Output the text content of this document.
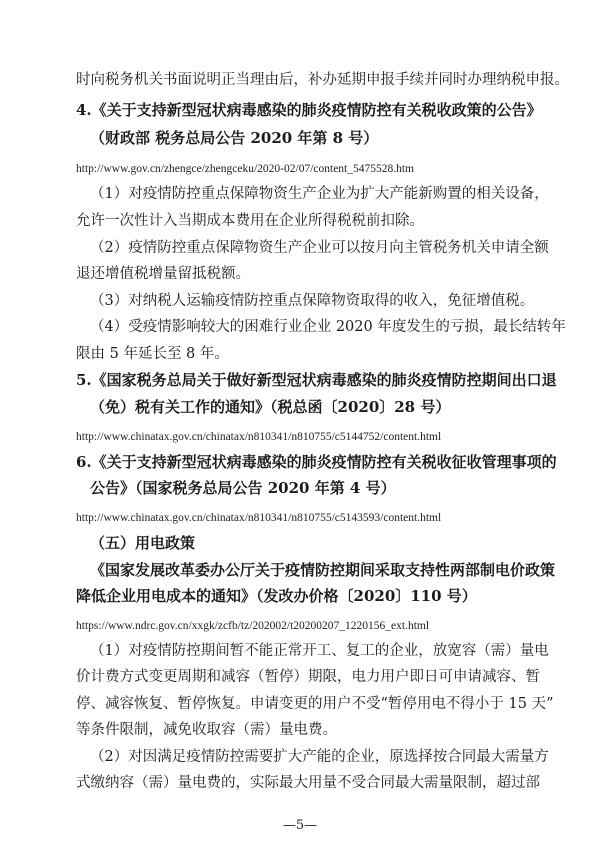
时向税务机关书面说明正当理由后，补办延期申报手续并同时办理纳税申报。
4.《关于支持新型冠状病毒感染的肺炎疫情防控有关税收政策的公告》
（财政部 税务总局公告 2020 年第 8 号）
http://www.gov.cn/zhengce/zhengceku/2020-02/07/content_5475528.htm
（1）对疫情防控重点保障物资生产企业为扩大产能新购置的相关设备，
允许一次性计入当期成本费用在企业所得税税前扣除。
（2）疫情防控重点保障物资生产企业可以按月向主管税务机关申请全额
退还增值税增量留抵税额。
（3）对纳税人运输疫情防控重点保障物资取得的收入，免征增值税。
（4）受疫情影响较大的困难行业企业 2020 年度发生的亏损，最长结转年
限由 5 年延长至 8 年。
5.《国家税务总局关于做好新型冠状病毒感染的肺炎疫情防控期间出口退
（免）税有关工作的通知》（税总函〔2020〕28 号）
http://www.chinatax.gov.cn/chinatax/n810341/n810755/c5144752/content.html
6.《关于支持新型冠状病毒感染的肺炎疫情防控有关税收征收管理事项的
公告》（国家税务总局公告 2020 年第 4 号）
http://www.chinatax.gov.cn/chinatax/n810341/n810755/c5143593/content.html
（五）用电政策
《国家发展改革委办公厅关于疫情防控期间采取支持性两部制电价政策
降低企业用电成本的通知》（发改办价格〔2020〕110 号）
https://www.ndrc.gov.cn/xxgk/zcfb/tz/202002/t20200207_1220156_ext.html
（1）对疫情防控期间暂不能正常开工、复工的企业，放宽容（需）量电
价计费方式变更周期和减容（暂停）期限，电力用户即日可申请减容、暂
停、减容恢复、暂停恢复。申请变更的用户不受“暂停用电不得小于 15 天”
等条件限制，减免收取容（需）量电费。
（2）对因满足疫情防控需要扩大产能的企业，原选择按合同最大需量方
式缴纳容（需）量电费的，实际最大用量不受合同最大需量限制，超过部
—5—
